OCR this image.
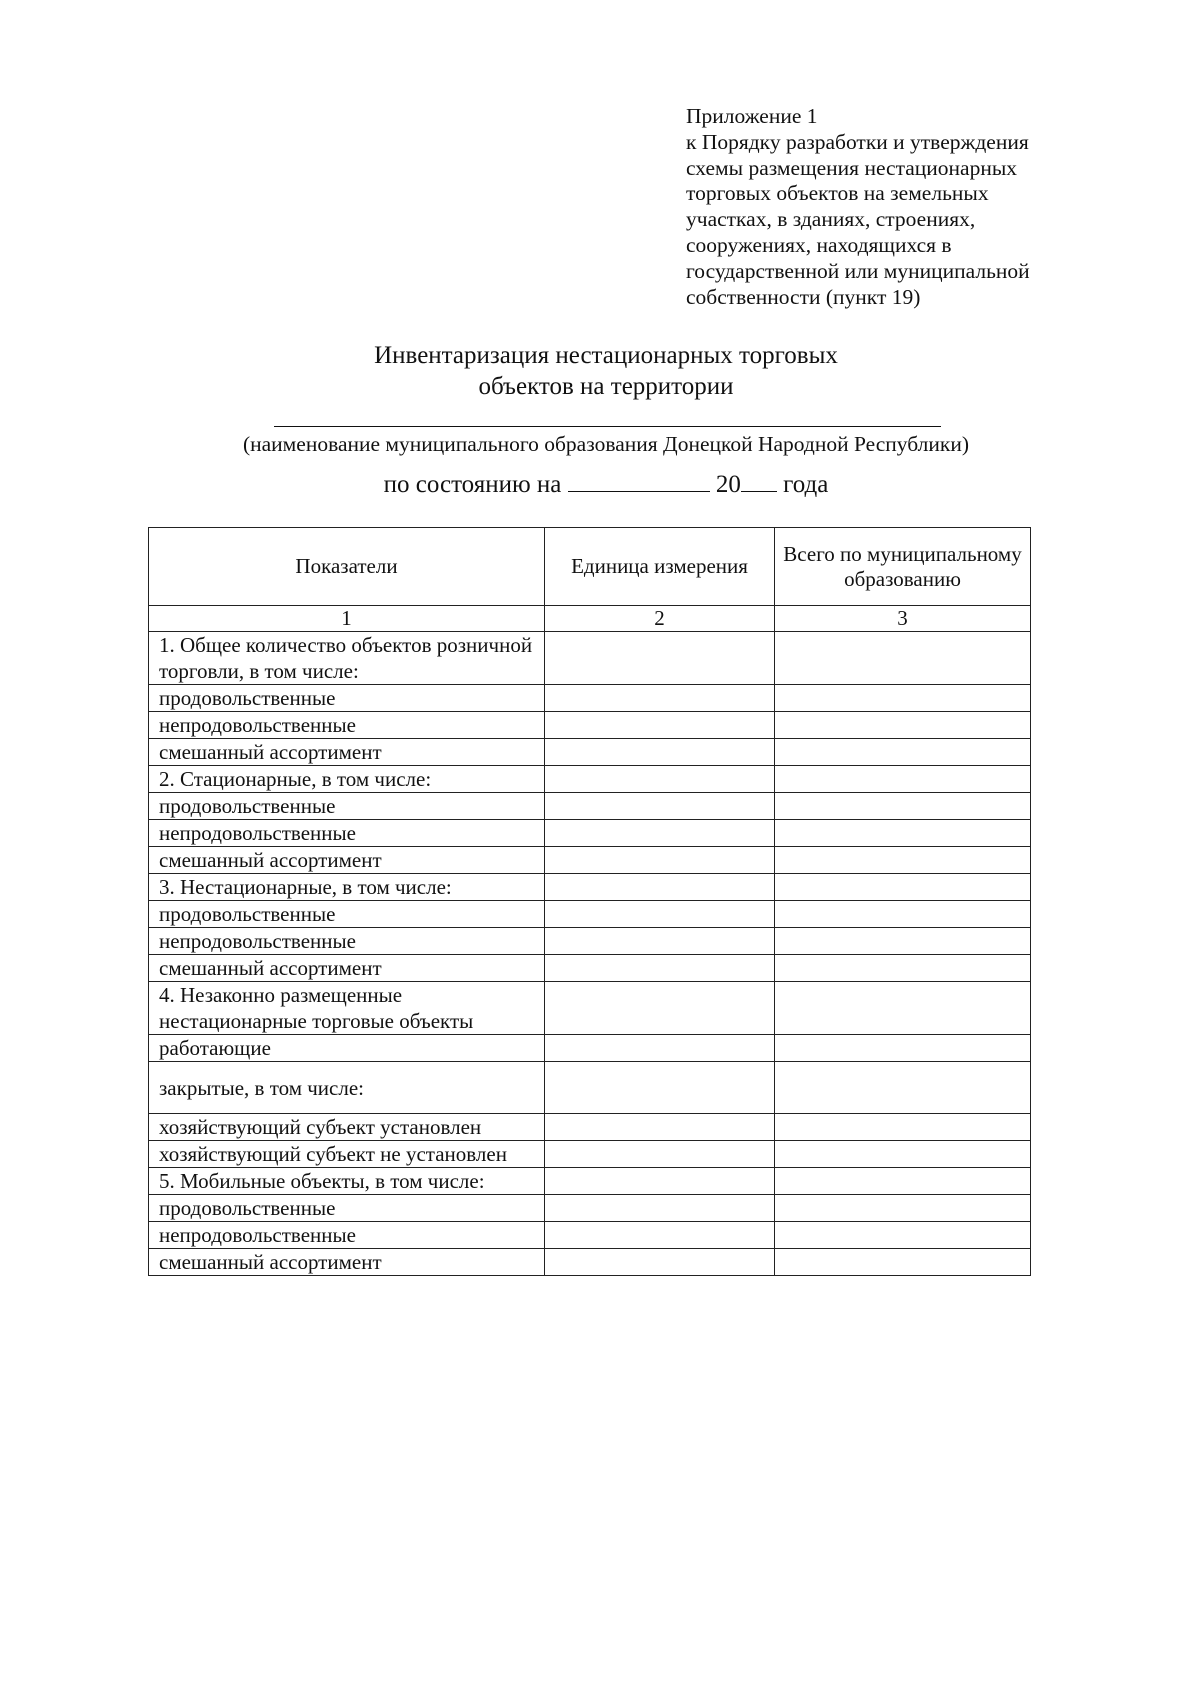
Приложение 1
к Порядку разработки и утверждения
схемы размещения нестационарных
торговых объектов на земельных
участках, в зданиях, строениях,
сооружениях, находящихся в
государственной или муниципальной
собственности (пункт 19)
Инвентаризация нестационарных торговых
объектов на территории
(наименование муниципального образования Донецкой Народной Республики)
по состоянию на	20 года
Показатели	Единица измерения	Всего по муниципальному образованию
1	2	3
1. Общее количество объектов розничной торговли, в том числе:		
продовольственные		
непродовольственные		
смешанный ассортимент		
2. Стационарные, в том числе:		
продовольственные		
непродовольственные		
смешанный ассортимент		
3. Нестационарные, в том числе:		
продовольственные		
непродовольственные		
смешанный ассортимент		
4. Незаконно размещенные нестационарные торговые объекты		
работающие		
закрытые, в том числе:		
хозяйствующий субъект установлен		
хозяйствующий субъект не установлен		
5. Мобильные объекты, в том числе:		
продовольственные		
непродовольственные		
смешанный ассортимент		
